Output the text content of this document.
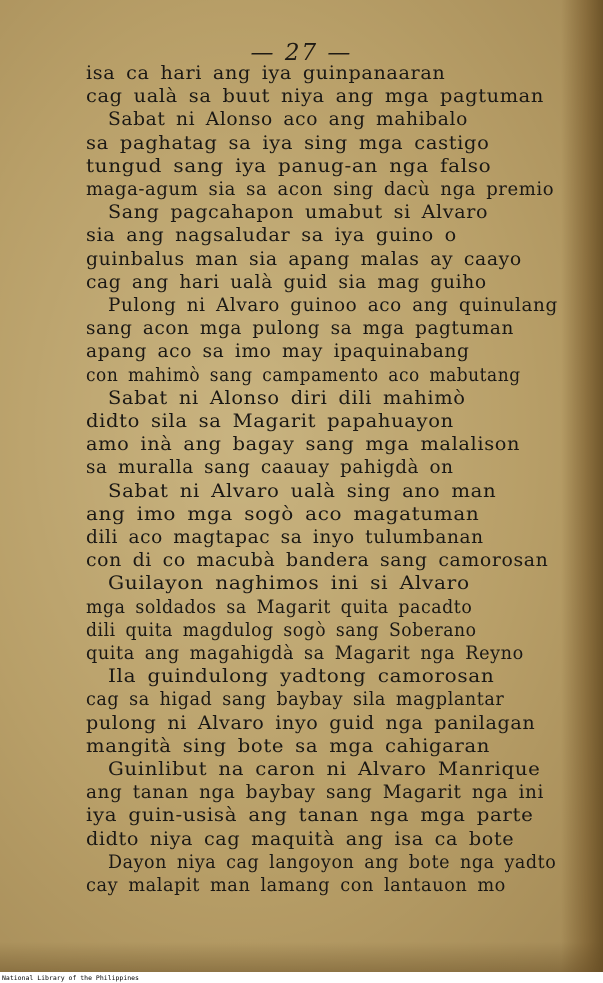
— 27 —
isa ca hari ang iya guinpanaaran
cag ualà sa buut niya ang mga pagtuman
Sabat ni Alonso aco ang mahibalo
sa paghatag sa iya sing mga castigo
tungud sang iya panug-an nga falso
maga-agum sia sa acon sing dacù nga premio
Sang pagcahapon umabut si Alvaro
sia ang nagsaludar sa iya guino o
guinbalus man sia apang malas ay caayo
cag ang hari ualà guid sia mag guiho
Pulong ni Alvaro guinoo aco ang quinulang
sang acon mga pulong sa mga pagtuman
apang aco sa imo may ipaquinabang
con mahimò sang campamento aco mabutang
Sabat ni Alonso diri dili mahimò
didto sila sa Magarit papahuayon
amo inà ang bagay sang mga malalison
sa muralla sang caauay pahigdà on
Sabat ni Alvaro ualà sing ano man
ang imo mga sogò aco magatuman
dili aco magtapac sa inyo tulumbanan
con di co macubà bandera sang camorosan
Guilayon naghimos ini si Alvaro
mga soldados sa Magarit quita pacadto
dili quita magdulog sogò sang Soberano
quita ang magahigdà sa Magarit nga Reyno
Ila guindulong yadtong camorosan
cag sa higad sang baybay sila magplantar
pulong ni Alvaro inyo guid nga panilagan
mangità sing bote sa mga cahigaran
Guinlibut na caron ni Alvaro Manrique
ang tanan nga baybay sang Magarit nga ini
iya guin-usisà ang tanan nga mga parte
didto niya cag maquità ang isa ca bote
Dayon niya cag langoyon ang bote nga yadto
cay malapit man lamang con lantauon mo
National Library of the Philippines
